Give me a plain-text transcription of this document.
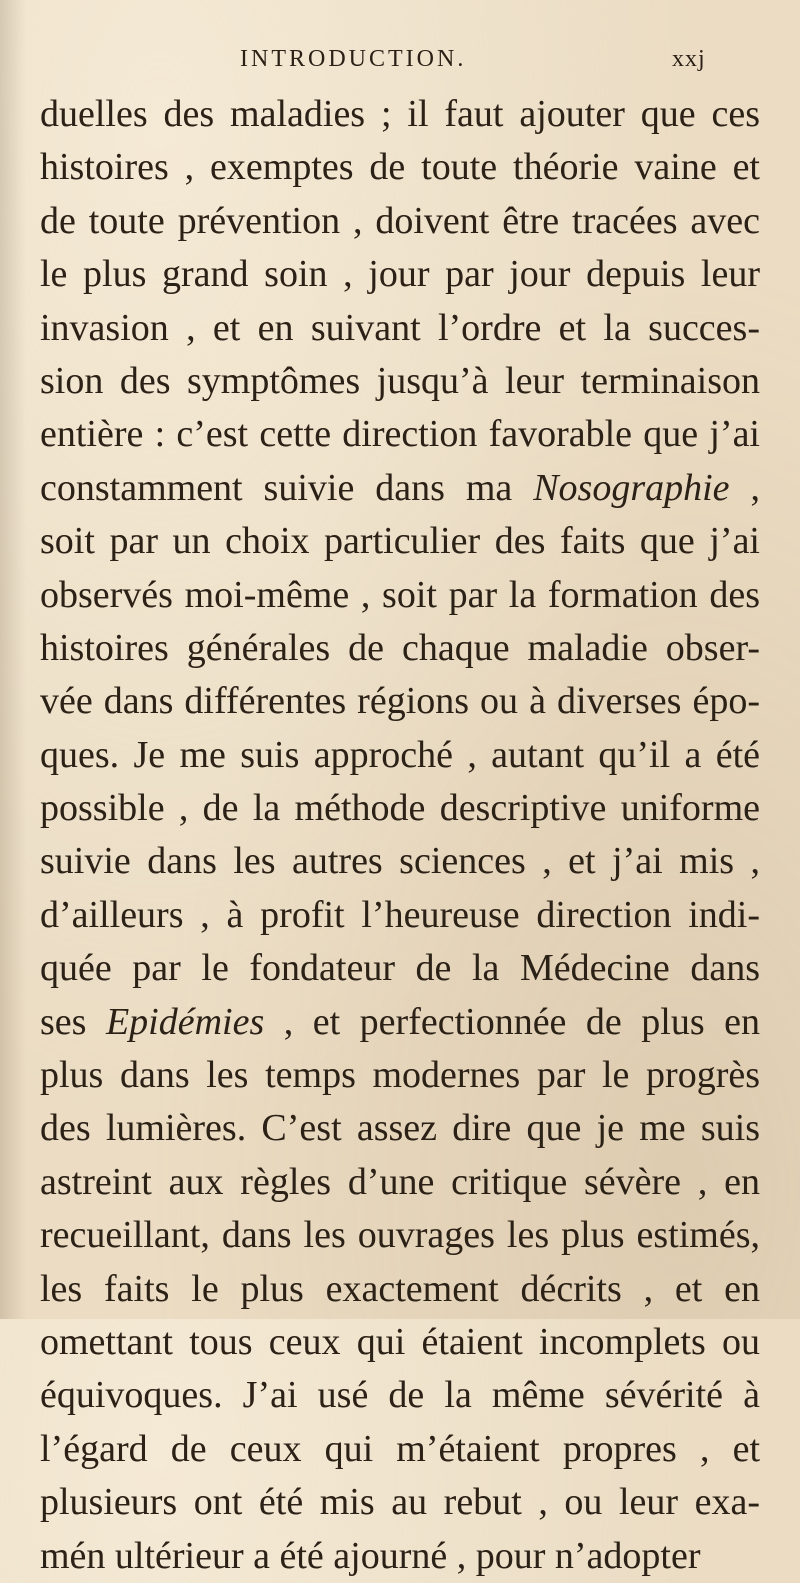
INTRODUCTION.	xxj
duelles des maladies ; il faut ajouter que ces
histoires , exemptes de toute théorie vaine et
de toute prévention , doivent être tracées avec
le plus grand soin , jour par jour depuis leur
invasion , et en suivant l’ordre et la succes-
sion des symptômes jusqu’à leur terminaison
entière : c’est cette direction favorable que j’ai
constamment suivie dans ma Nosographie ,
soit par un choix particulier des faits que j’ai
observés moi-même , soit par la formation des
histoires générales de chaque maladie obser-
vée dans différentes régions ou à diverses épo-
ques. Je me suis approché , autant qu’il a été
possible , de la méthode descriptive uniforme
suivie dans les autres sciences , et j’ai mis ,
d’ailleurs , à profit l’heureuse direction indi-
quée par le fondateur de la Médecine dans
ses Epidémies , et perfectionnée de plus en
plus dans les temps modernes par le progrès
des lumières. C’est assez dire que je me suis
astreint aux règles d’une critique sévère , en
recueillant, dans les ouvrages les plus estimés,
les faits le plus exactement décrits , et en
omettant tous ceux qui étaient incomplets ou
équivoques. J’ai usé de la même sévérité à
l’égard de ceux qui m’étaient propres , et
plusieurs ont été mis au rebut , ou leur exa-
mén ultérieur a été ajourné , pour n’adopter
